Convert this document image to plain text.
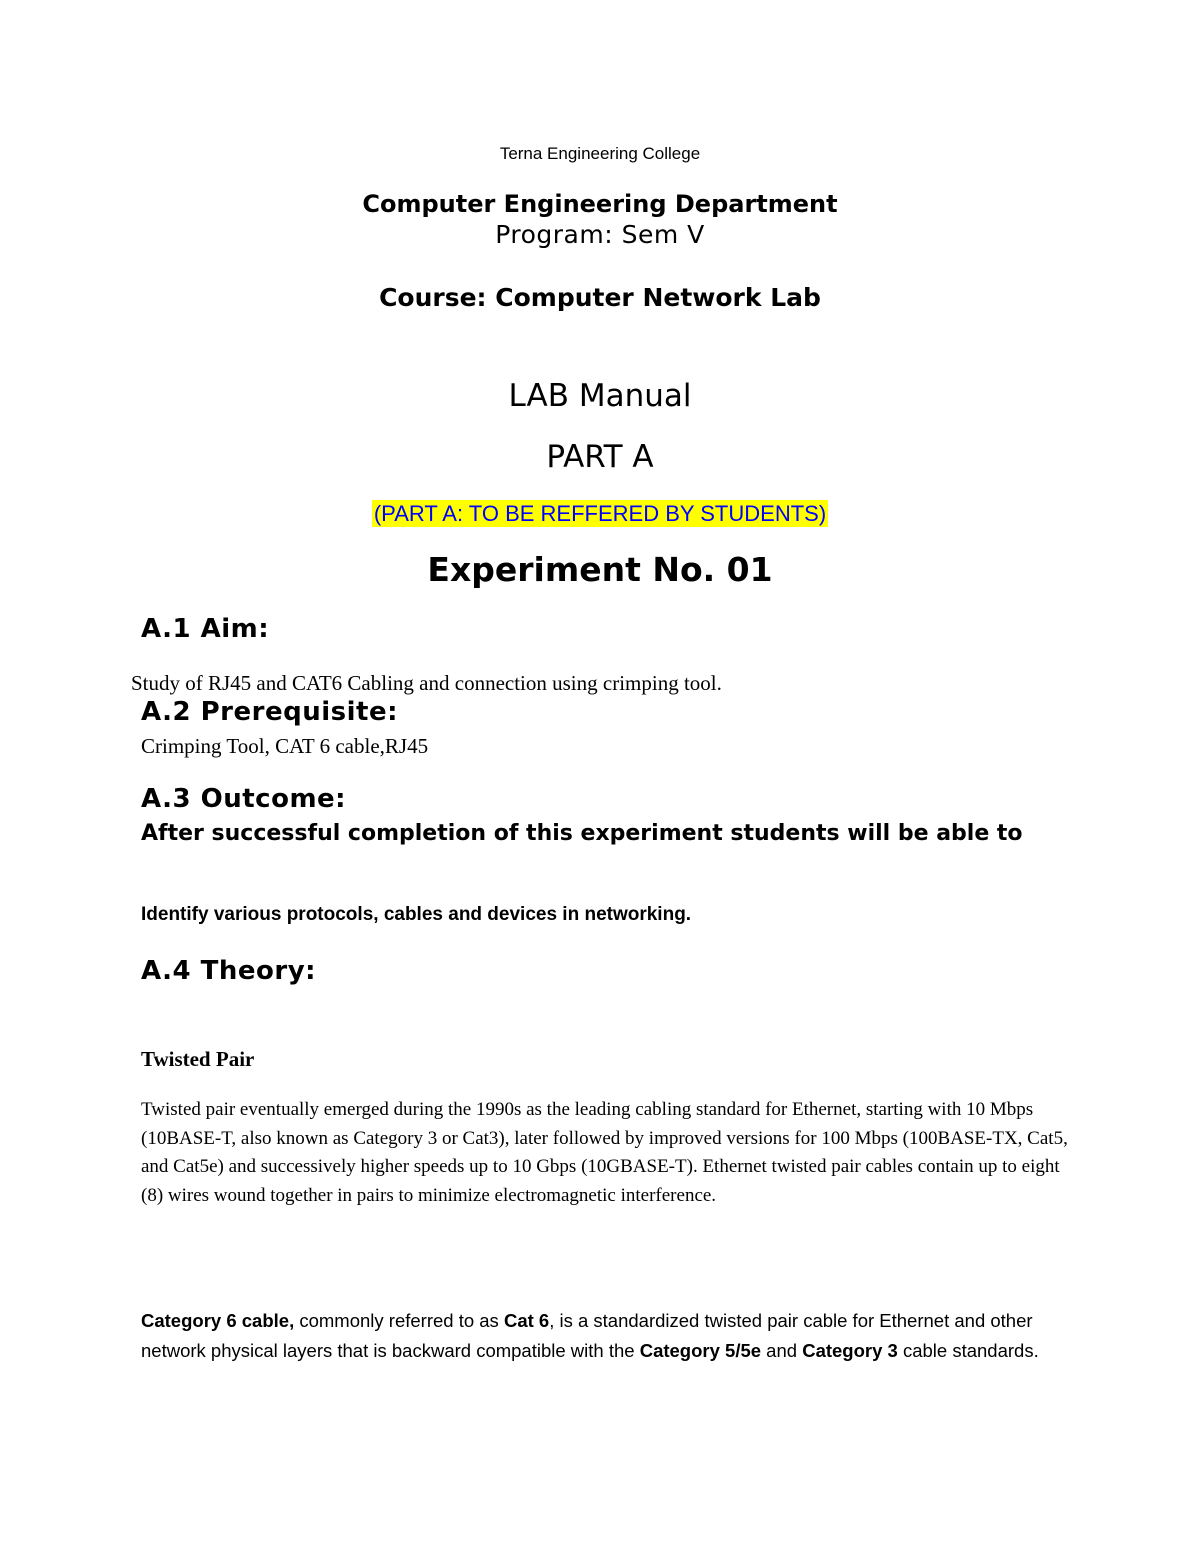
Terna Engineering College
Computer Engineering Department
Program: Sem V
Course: Computer Network Lab
LAB Manual
PART A
(PART A: TO BE REFFERED BY STUDENTS)
Experiment No. 01
A.1 Aim:
Study of RJ45 and CAT6 Cabling and connection using crimping tool.
A.2 Prerequisite:
Crimping Tool, CAT 6 cable,RJ45
A.3 Outcome:
After successful completion of this experiment students will be able to
Identify various protocols, cables and devices in networking.
A.4 Theory:
Twisted Pair
Twisted pair eventually emerged during the 1990s as the leading cabling standard for Ethernet, starting with 10 Mbps (10BASE-T, also known as Category 3 or Cat3), later followed by improved versions for 100 Mbps (100BASE-TX, Cat5, and Cat5e) and successively higher speeds up to 10 Gbps (10GBASE-T). Ethernet twisted pair cables contain up to eight (8) wires wound together in pairs to minimize electromagnetic interference.
Category 6 cable, commonly referred to as Cat 6, is a standardized twisted pair cable for Ethernet and other network physical layers that is backward compatible with the Category 5/5e and Category 3 cable standards.
